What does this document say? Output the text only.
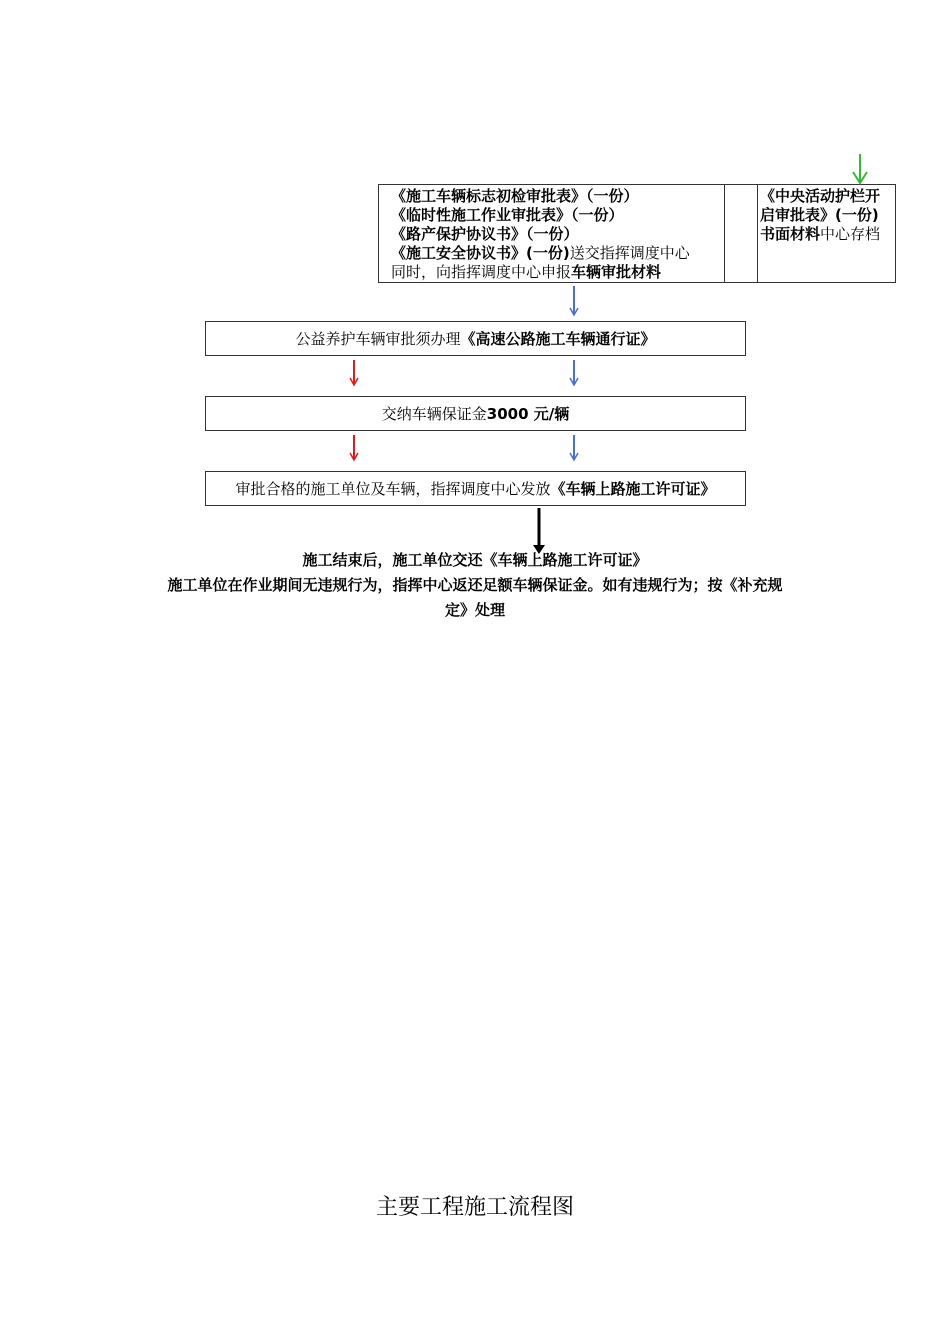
《施工车辆标志初检审批表》（一份）
《临时性施工作业审批表》（一份）
《路产保护协议书》（一份）
《施工安全协议书》(一份)送交指挥调度中心
同时，向指挥调度中心申报车辆审批材料
《中央活动护栏开
启审批表》(一份)
书面材料中心存档
公益养护车辆审批须办理 《高速公路施工车辆通行证》
交纳车辆保证金 3000 元/辆
审批合格的施工单位及车辆，指挥调度中心发放 《车辆上路施工许可证》
施工结束后，施工单位交还《车辆上路施工许可证》
施工单位在作业期间无违规行为，指挥中心返还足额车辆保证金。如有违规行为；按《补充规
定》处理
主要工程施工流程图
